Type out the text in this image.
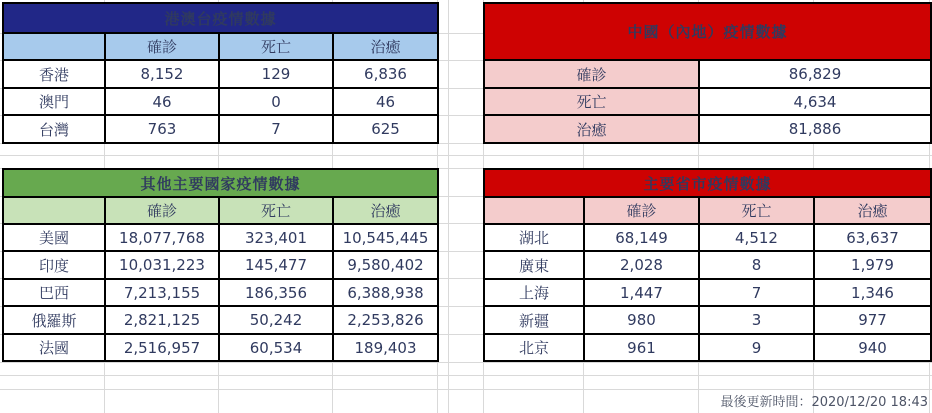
港澳台疫情數據			
	確診	死亡	治癒
香港	8,152	129	6,836
澳門	46	0	46
台灣	763	7	625
中國（內地）疫情數據	
確診	86,829
死亡	4,634
治癒	81,886
其他主要國家疫情數據			
	確診	死亡	治癒
美國	18,077,768	323,401	10,545,445
印度	10,031,223	145,477	9,580,402
巴西	7,213,155	186,356	6,388,938
俄羅斯	2,821,125	50,242	2,253,826
法國	2,516,957	60,534	189,403
主要省市疫情數據			
	確診	死亡	治癒
湖北	68,149	4,512	63,637
廣東	2,028	8	1,979
上海	1,447	7	1,346
新疆	980	3	977
北京	961	9	940
最後更新時間：2020/12/20 18:43
